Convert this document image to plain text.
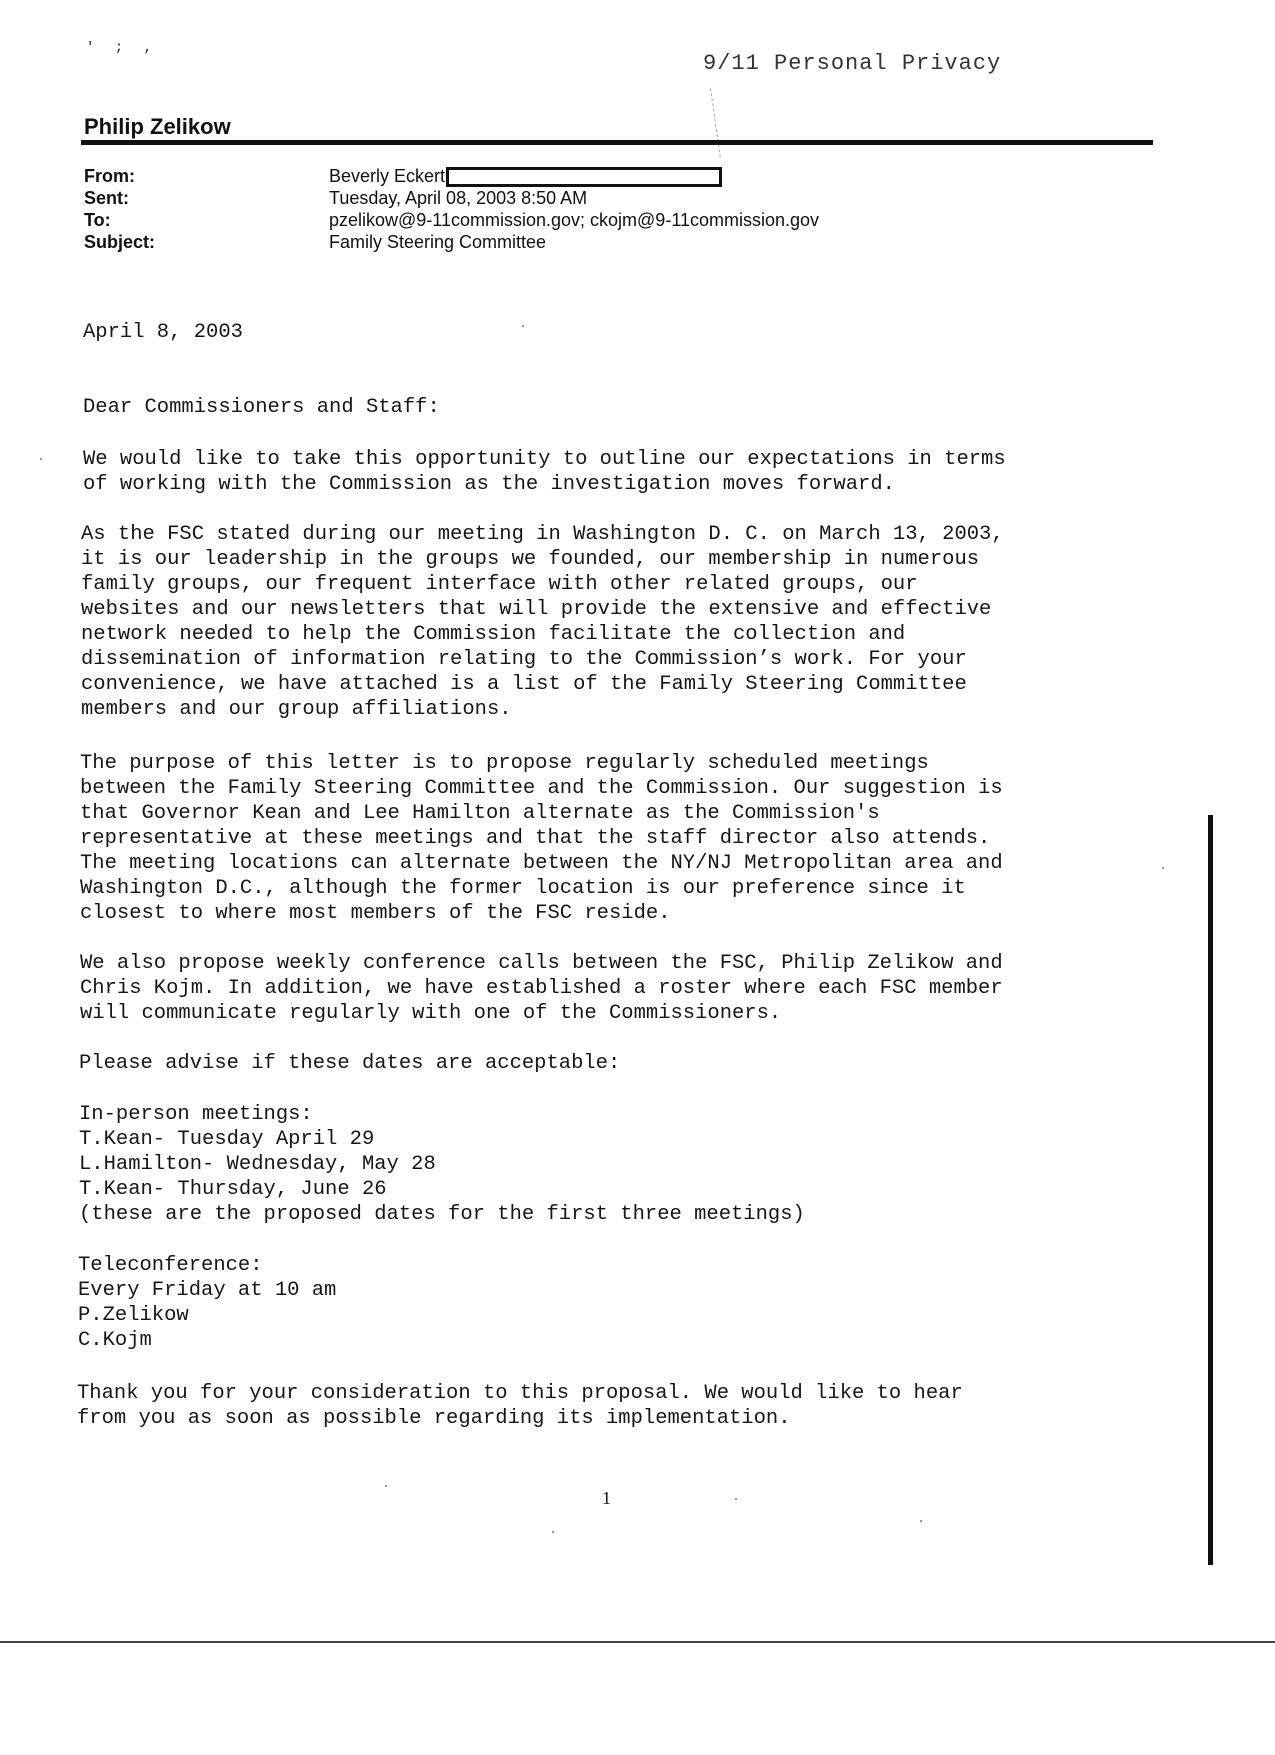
' ; ,
9/11 Personal Privacy
Philip Zelikow
From:	Beverly Eckert
Sent:	Tuesday, April 08, 2003 8:50 AM
To:	pzelikow@9-11commission.gov; ckojm@9-11commission.gov
Subject:	Family Steering Committee
April 8, 2003
Dear Commissioners and Staff:
We would like to take this opportunity to outline our expectations in terms
of working with the Commission as the investigation moves forward.
As the FSC stated during our meeting in Washington D. C. on March 13, 2003,
it is our leadership in the groups we founded, our membership in numerous
family groups, our frequent interface with other related groups, our
websites and our newsletters that will provide the extensive and effective
network needed to help the Commission facilitate the collection and
dissemination of information relating to the Commission’s work. For your
convenience, we have attached is a list of the Family Steering Committee
members and our group affiliations.
The purpose of this letter is to propose regularly scheduled meetings
between the Family Steering Committee and the Commission. Our suggestion is
that Governor Kean and Lee Hamilton alternate as the Commission's
representative at these meetings and that the staff director also attends.
The meeting locations can alternate between the NY/NJ Metropolitan area and
Washington D.C., although the former location is our preference since it
closest to where most members of the FSC reside.
We also propose weekly conference calls between the FSC, Philip Zelikow and
Chris Kojm. In addition, we have established a roster where each FSC member
will communicate regularly with one of the Commissioners.
Please advise if these dates are acceptable:
In-person meetings:
T.Kean- Tuesday April 29
L.Hamilton- Wednesday, May 28
T.Kean- Thursday, June 26
(these are the proposed dates for the first three meetings)
Teleconference:
Every Friday at 10 am
P.Zelikow
C.Kojm
Thank you for your consideration to this proposal. We would like to hear
from you as soon as possible regarding its implementation.
1
